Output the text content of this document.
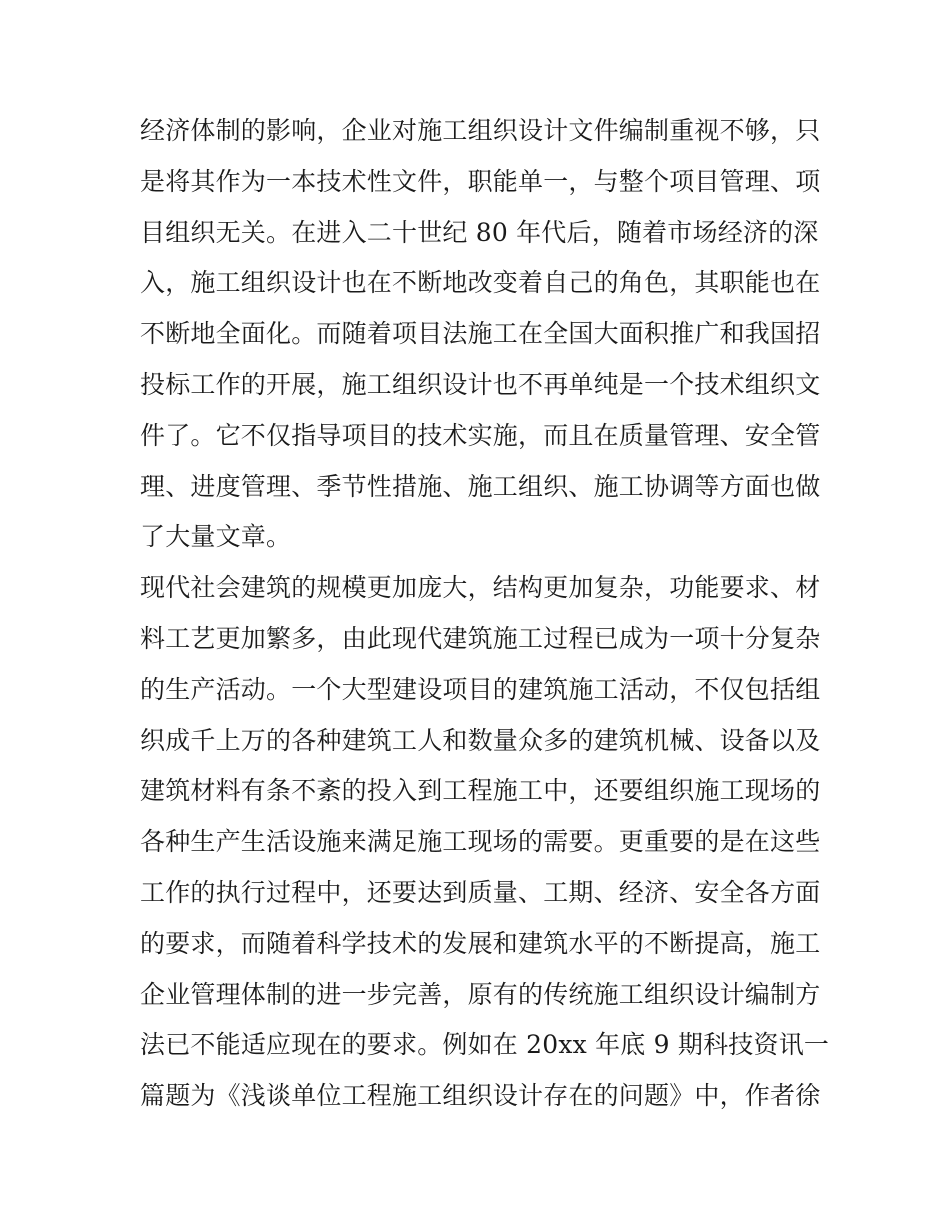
经济体制的影响，企业对施工组织设计文件编制重视不够，只
是将其作为一本技术性文件，职能单一，与整个项目管理、项
目组织无关。在进入二十世纪 80 年代后，随着市场经济的深
入，施工组织设计也在不断地改变着自己的角色，其职能也在
不断地全面化。而随着项目法施工在全国大面积推广和我国招
投标工作的开展，施工组织设计也不再单纯是一个技术组织文
件了。它不仅指导项目的技术实施，而且在质量管理、安全管
理、进度管理、季节性措施、施工组织、施工协调等方面也做
了大量文章。
现代社会建筑的规模更加庞大，结构更加复杂，功能要求、材
料工艺更加繁多，由此现代建筑施工过程已成为一项十分复杂
的生产活动。一个大型建设项目的建筑施工活动，不仅包括组
织成千上万的各种建筑工人和数量众多的建筑机械、设备以及
建筑材料有条不紊的投入到工程施工中，还要组织施工现场的
各种生产生活设施来满足施工现场的需要。更重要的是在这些
工作的执行过程中，还要达到质量、工期、经济、安全各方面
的要求，而随着科学技术的发展和建筑水平的不断提高，施工
企业管理体制的进一步完善，原有的传统施工组织设计编制方
法已不能适应现在的要求。例如在 20xx 年底 9 期科技资讯一
篇题为《浅谈单位工程施工组织设计存在的问题》中，作者徐
